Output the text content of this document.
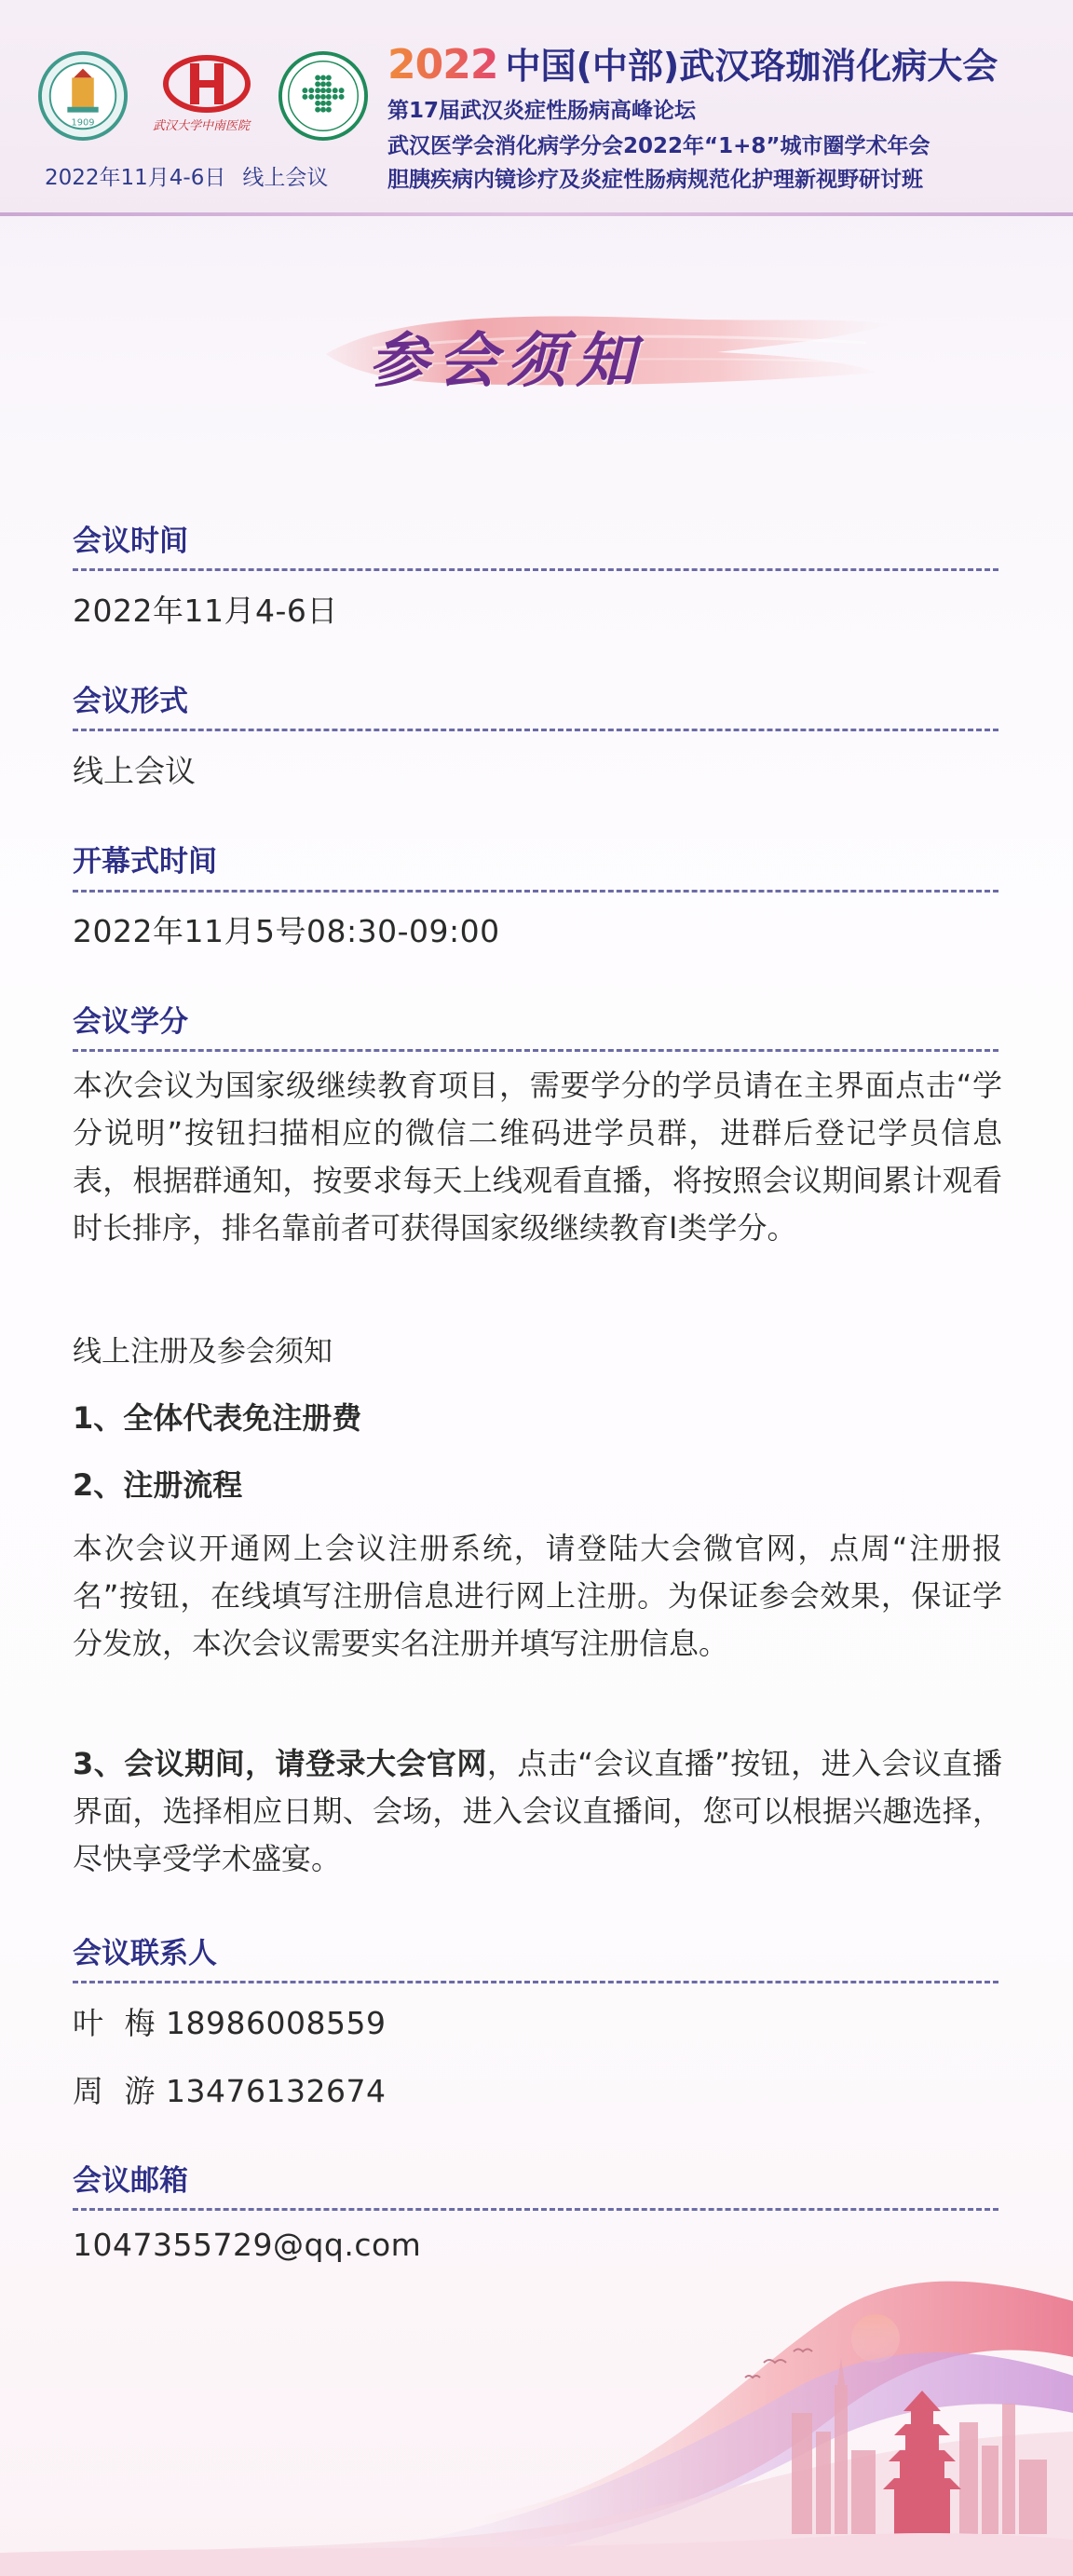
1909	武汉大学中南医院
2022年11月4-6日 线上会议
2022 中国(中部)武汉珞珈消化病大会
第17届武汉炎症性肠病高峰论坛
武汉医学会消化病学分会2022年“1+8”城市圈学术年会
胆胰疾病内镜诊疗及炎症性肠病规范化护理新视野研讨班
参会须知
会议时间
2022年11月4-6日
会议形式
线上会议
开幕式时间
2022年11月5号08:30-09:00
会议学分
本次会议为国家级继续教育项目，需要学分的学员请在主界面点击“学分说明”按钮扫描相应的微信二维码进学员群，进群后登记学员信息表，根据群通知，按要求每天上线观看直播，将按照会议期间累计观看时长排序，排名靠前者可获得国家级继续教育I类学分。
线上注册及参会须知
1、全体代表免注册费
2、注册流程
本次会议开通网上会议注册系统，请登陆大会微官网，点周“注册报名”按钮，在线填写注册信息进行网上注册。为保证参会效果，保证学分发放，本次会议需要实名注册并填写注册信息。
3、会议期间，请登录大会官网，点击“会议直播”按钮，进入会议直播界面，选择相应日期、会场，进入会议直播间，您可以根据兴趣选择，尽快享受学术盛宴。
会议联系人
叶  梅 18986008559
周  游 13476132674
会议邮箱
1047355729@qq.com
